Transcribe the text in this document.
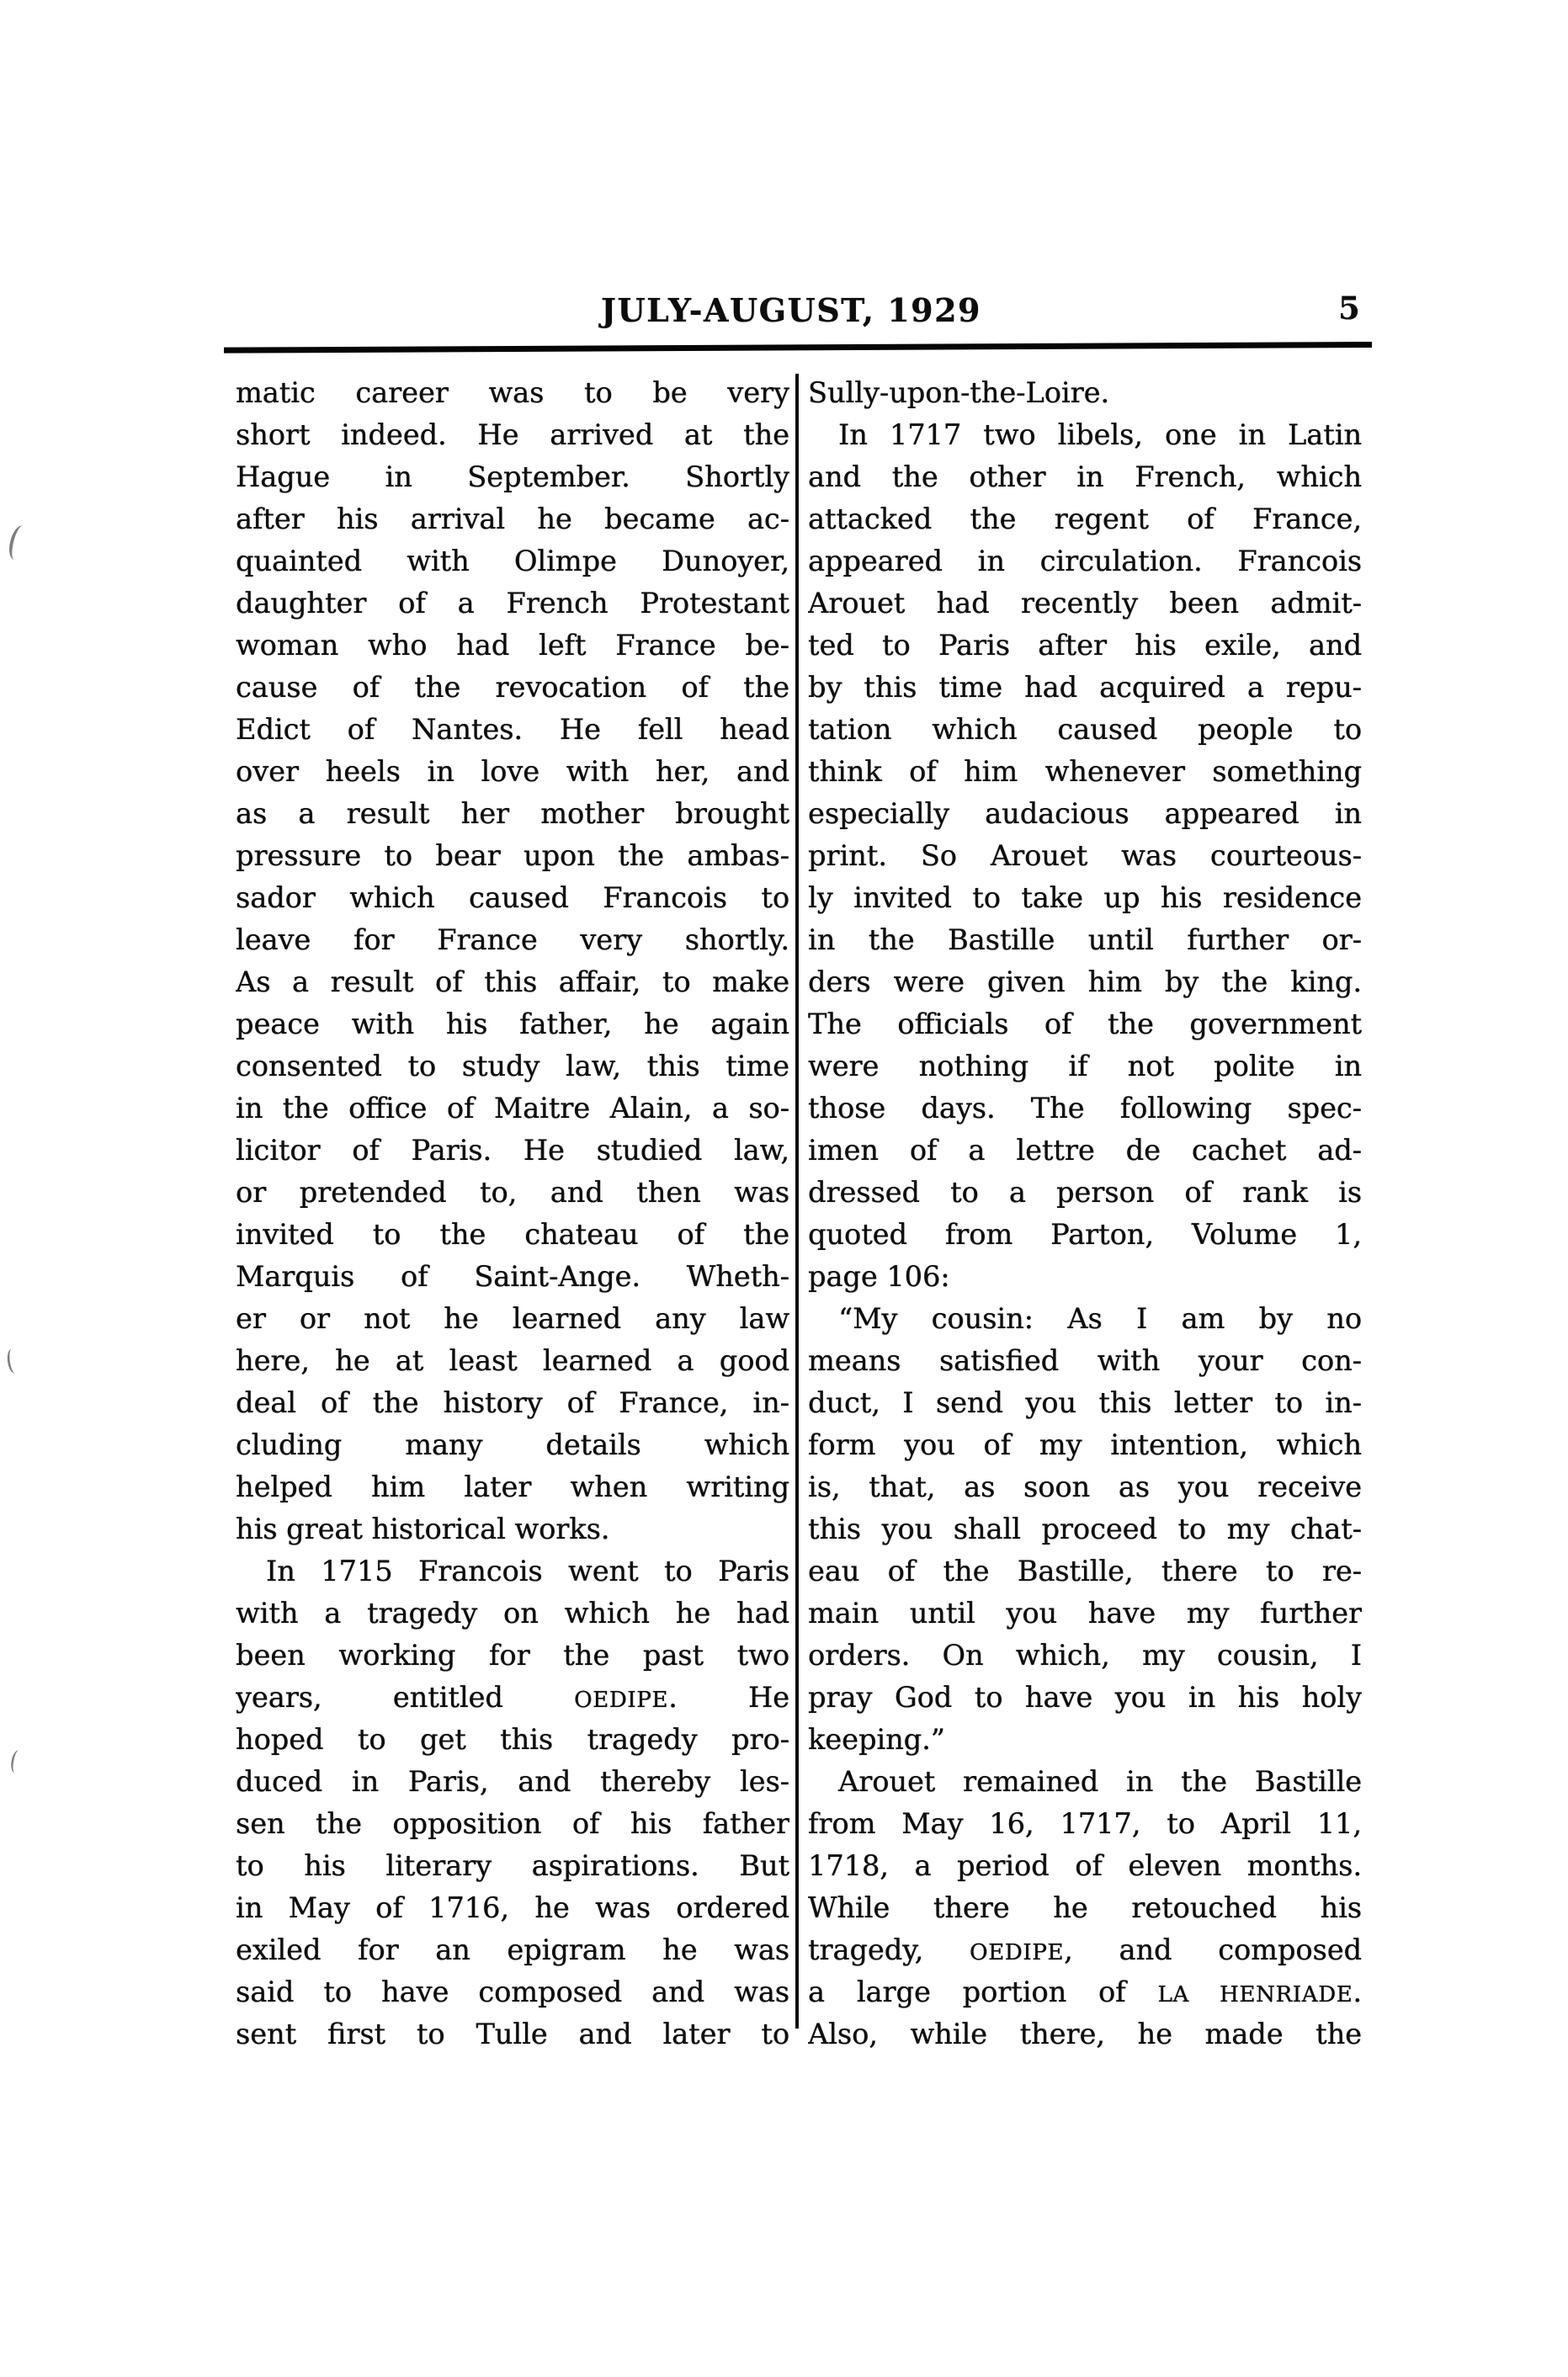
JULY-AUGUST, 1929	5
matic career was to be very
short indeed. He arrived at the
Hague in September. Shortly
after his arrival he became ac-
quainted with Olimpe Dunoyer,
daughter of a French Protestant
woman who had left France be-
cause of the revocation of the
Edict of Nantes. He fell head
over heels in love with her, and
as a result her mother brought
pressure to bear upon the ambas-
sador which caused Francois to
leave for France very shortly.
As a result of this affair, to make
peace with his father, he again
consented to study law, this time
in the office of Maitre Alain, a so-
licitor of Paris. He studied law,
or pretended to, and then was
invited to the chateau of the
Marquis of Saint-Ange. Wheth-
er or not he learned any law
here, he at least learned a good
deal of the history of France, in-
cluding many details which
helped him later when writing
his great historical works.
In 1715 Francois went to Paris
with a tragedy on which he had
been working for the past two
years, entitled OEDIPE. He
hoped to get this tragedy pro-
duced in Paris, and thereby les-
sen the opposition of his father
to his literary aspirations. But
in May of 1716, he was ordered
exiled for an epigram he was
said to have composed and was
sent first to Tulle and later to
Sully-upon-the-Loire.
In 1717 two libels, one in Latin
and the other in French, which
attacked the regent of France,
appeared in circulation. Francois
Arouet had recently been admit-
ted to Paris after his exile, and
by this time had acquired a repu-
tation which caused people to
think of him whenever something
especially audacious appeared in
print. So Arouet was courteous-
ly invited to take up his residence
in the Bastille until further or-
ders were given him by the king.
The officials of the government
were nothing if not polite in
those days. The following spec-
imen of a lettre de cachet ad-
dressed to a person of rank is
quoted from Parton, Volume 1,
page 106:
“My cousin: As I am by no
means satisfied with your con-
duct, I send you this letter to in-
form you of my intention, which
is, that, as soon as you receive
this you shall proceed to my chat-
eau of the Bastille, there to re-
main until you have my further
orders. On which, my cousin, I
pray God to have you in his holy
keeping.”
Arouet remained in the Bastille
from May 16, 1717, to April 11,
1718, a period of eleven months.
While there he retouched his
tragedy, OEDIPE, and composed
a large portion of LA HENRIADE.
Also, while there, he made the
